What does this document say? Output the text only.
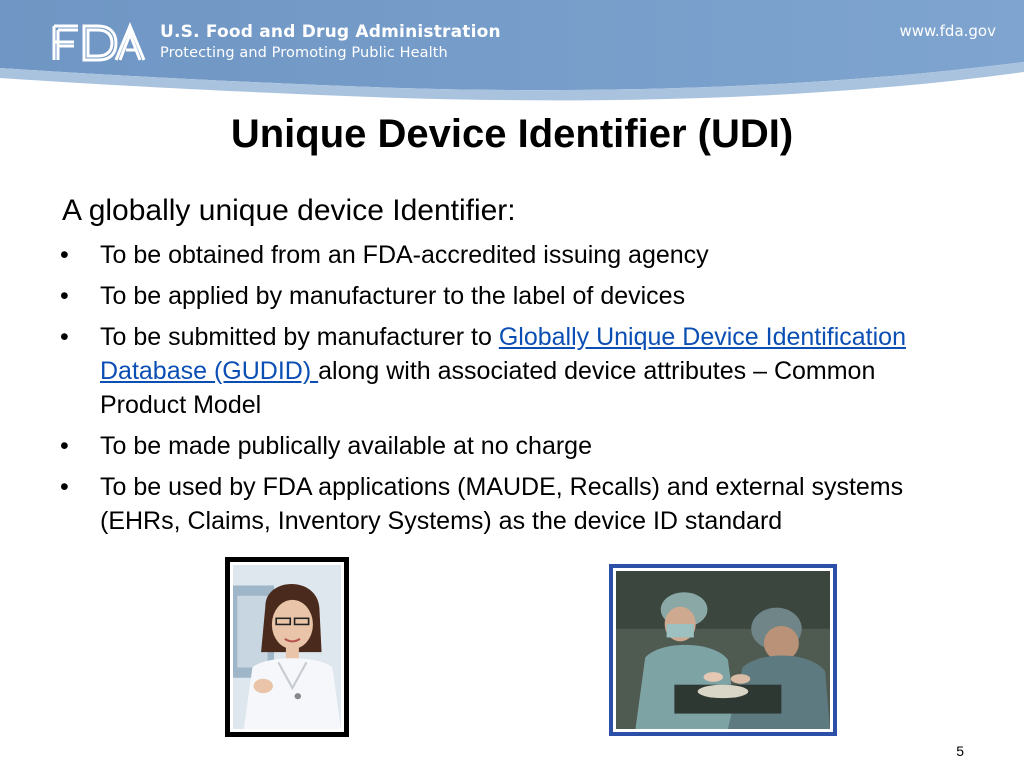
U.S. Food and Drug Administration
Protecting and Promoting Public Health
www.fda.gov
Unique Device Identifier (UDI)
A globally unique device Identifier:
• To be obtained from an FDA-accredited issuing agency
• To be applied by manufacturer to the label of devices
• To be submitted by manufacturer to Globally Unique Device Identification Database (GUDID) along with associated device attributes – Common Product Model
• To be made publically available at no charge
• To be used by FDA applications (MAUDE, Recalls) and external systems (EHRs, Claims, Inventory Systems) as the device ID standard
5
